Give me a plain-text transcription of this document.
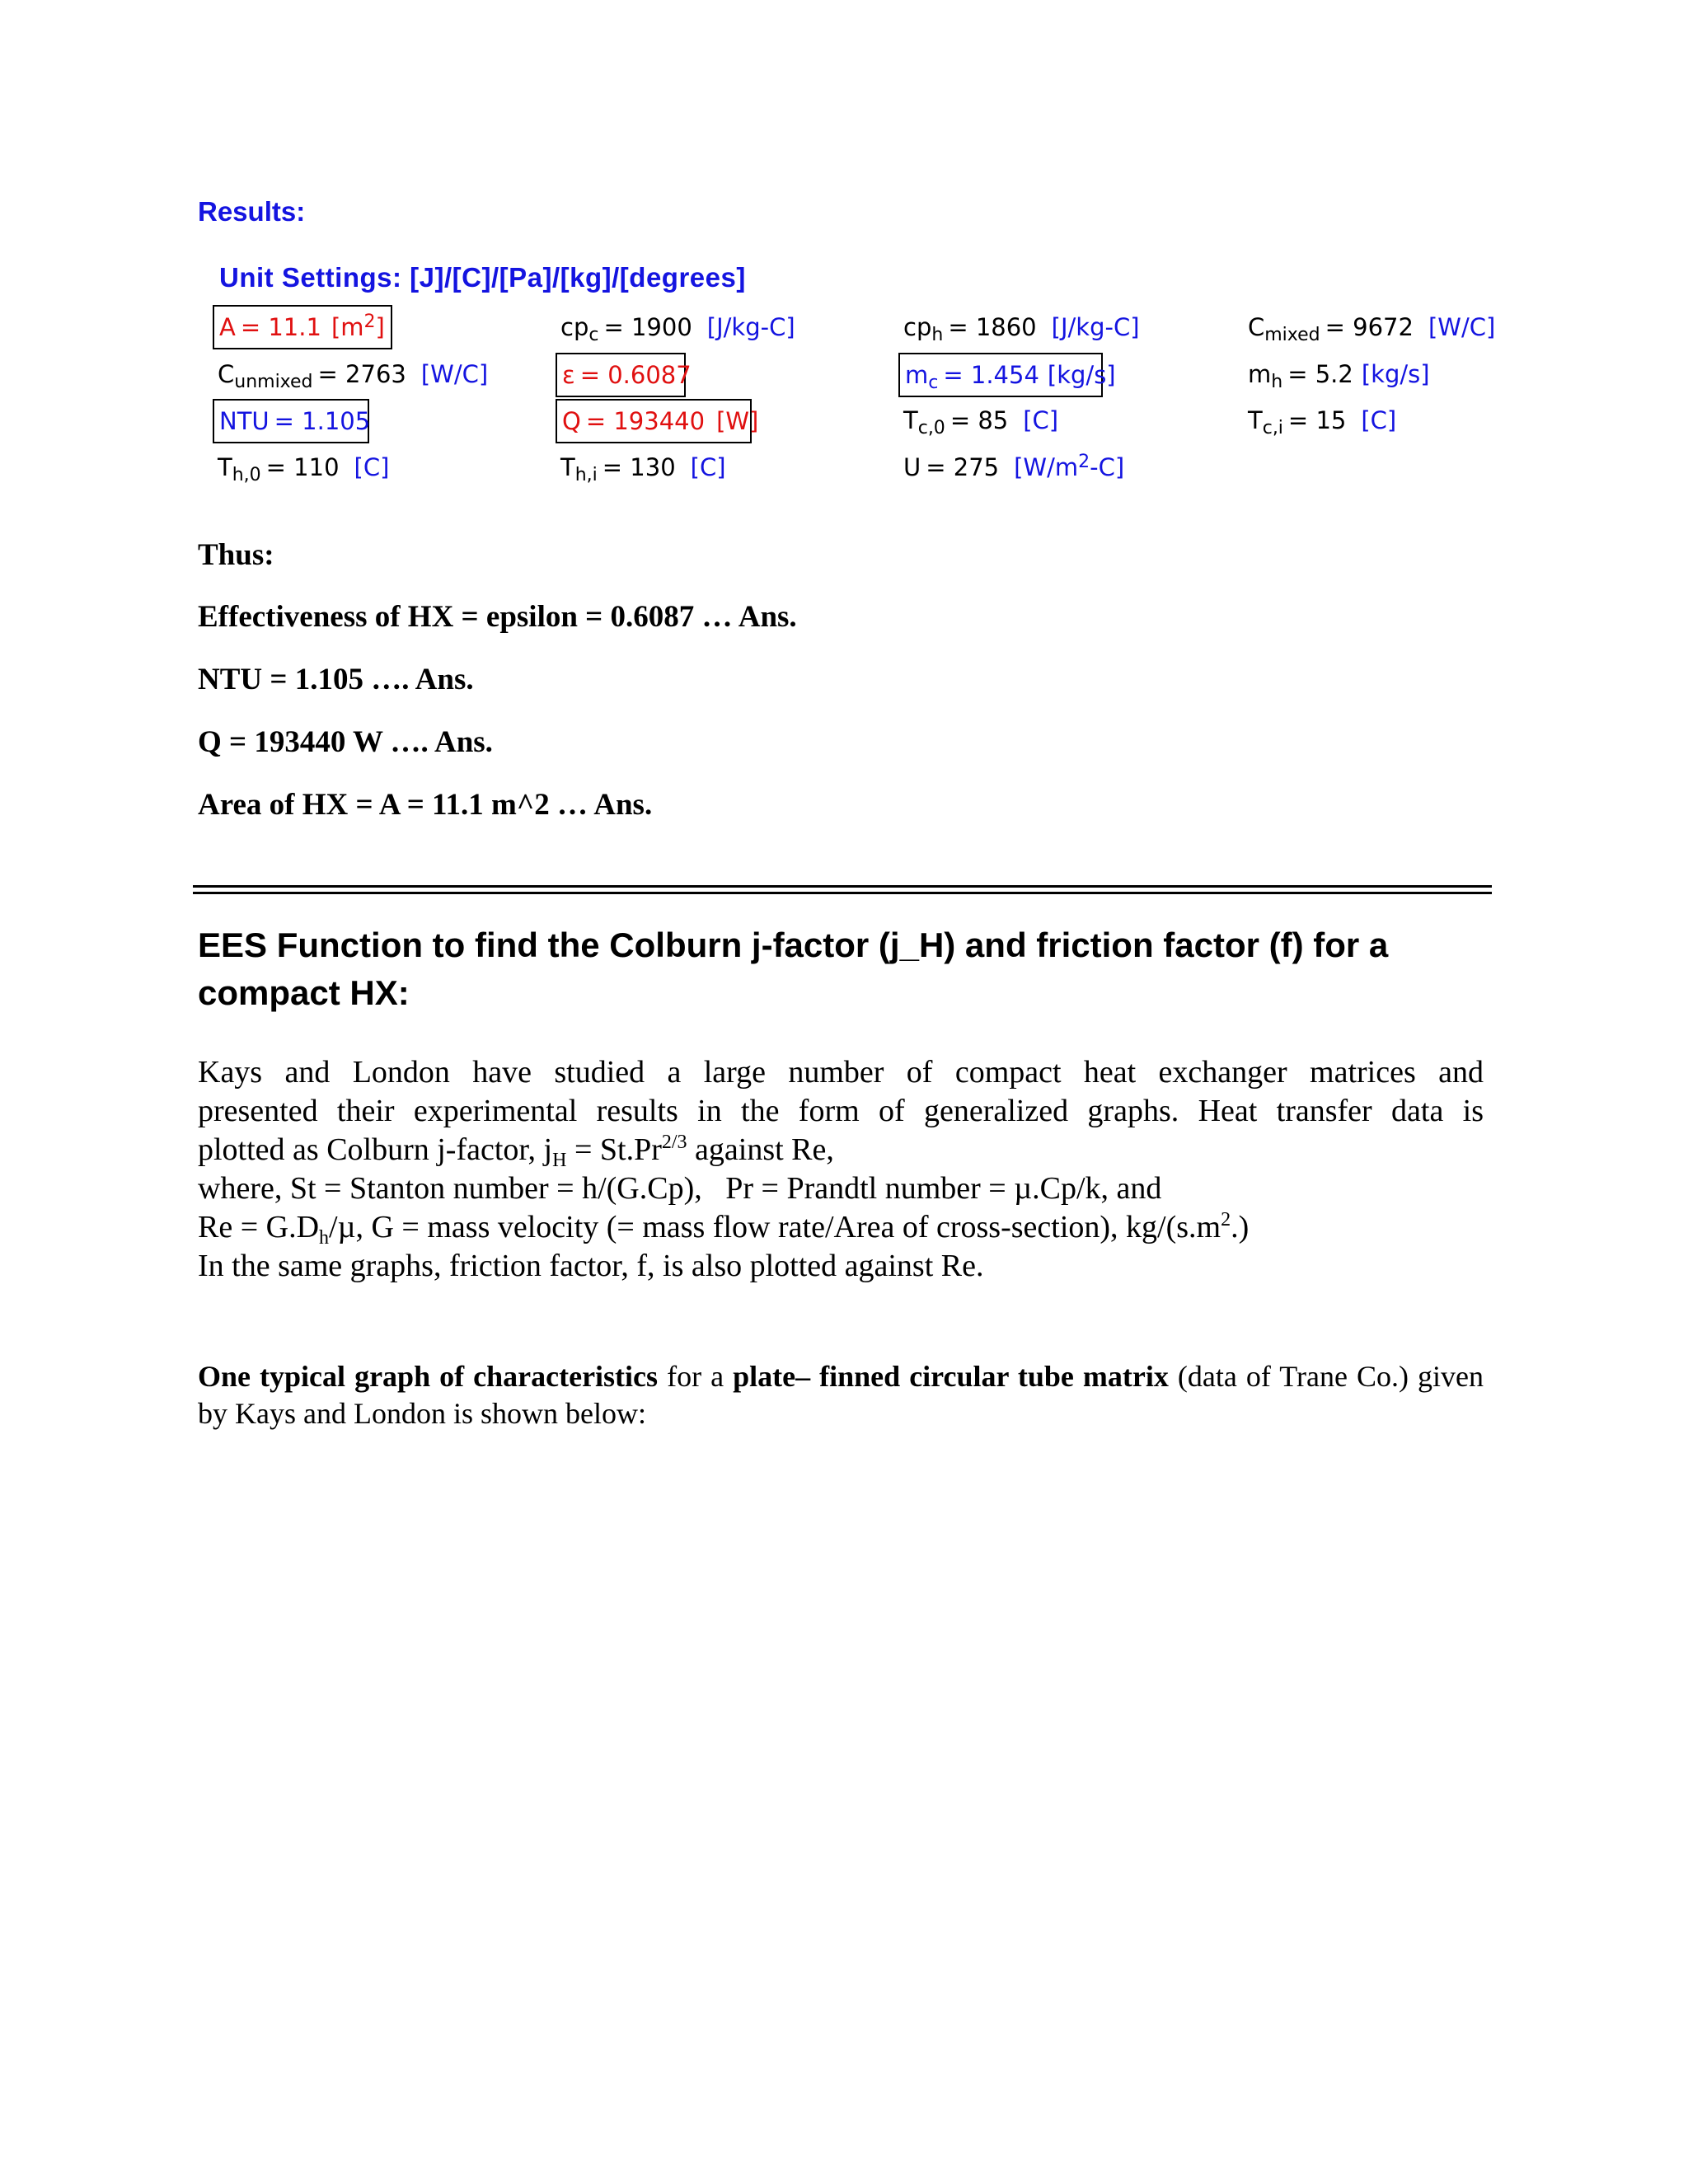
Results:
Unit Settings: [J]/[C]/[Pa]/[kg]/[degrees]
A = 11.1 $[m^2]$	$cp_c = 1900$ [J/kg-C]	$cp_h = 1860$ [J/kg-C]	$C_{mixed} = 9672$ [W/C]
$C_{unmixed} = 2763$ [W/C]	ε = 0.6087	$m_c = 1.454$ [kg/s]	$m_h = 5.2$ [kg/s]
NTU = 1.105	Q = 193440 [W]	$T_{c,0} = 85$ [C]	$T_{c,i} = 15$ [C]
$T_{h,0} = 110$ [C]	$T_{h,i} = 130$ [C]	U = 275 $[W/m^2-C]$
Thus:
Effectiveness of HX = epsilon = 0.6087 … Ans.
NTU = 1.105 …. Ans.
Q = 193440 W …. Ans.
Area of HX = A = 11.1 m^2 … Ans.
EES Function to find the Colburn j-factor (j_H) and friction factor (f) for a compact HX:
Kays and London have studied a large number of compact heat exchanger matrices and
presented their experimental results in the form of generalized graphs. Heat transfer data is
plotted as Colburn j-factor, $j_H = St.Pr^{2/3}$ against Re,
where, St = Stanton number = h/(G.Cp),   Pr = Prandtl number = µ.Cp/k, and
$Re = G.D_h/\mu$, G = mass velocity (= mass flow rate/Area of cross-section), $kg/(s.m^2.)$
In the same graphs, friction factor, f, is also plotted against Re.
One typical graph of characteristics for a plate– finned circular tube matrix (data of Trane Co.) given
by Kays and London is shown below:
